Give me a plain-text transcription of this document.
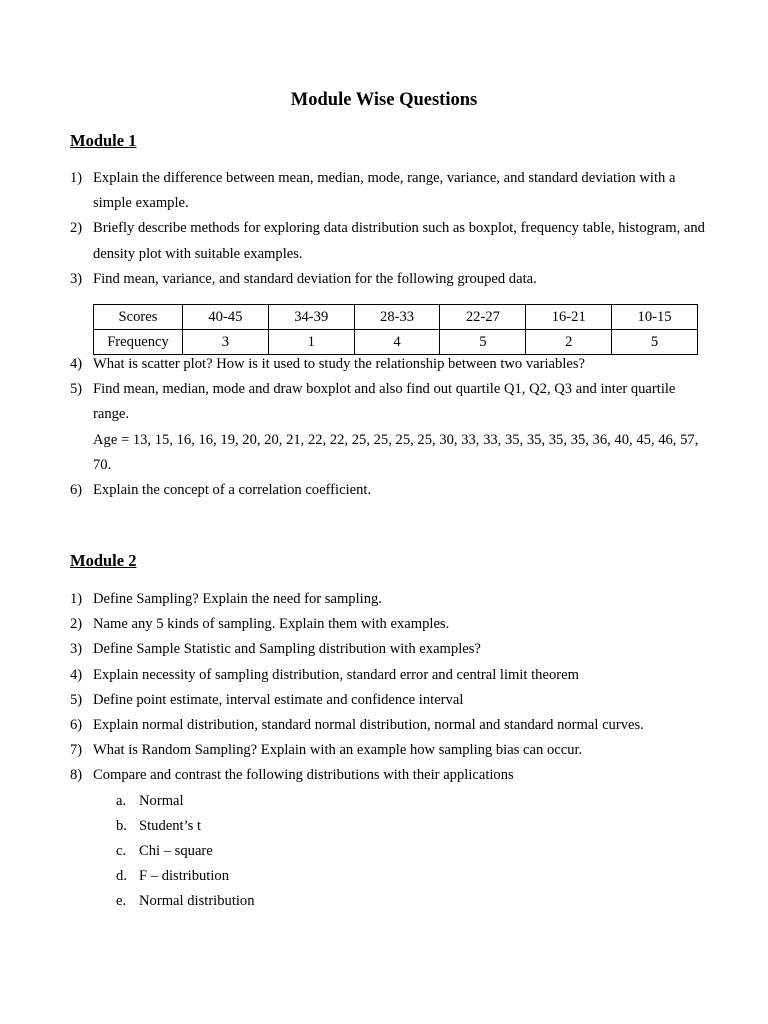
Module Wise Questions
Module 1
1) Explain the difference between mean, median, mode, range, variance, and standard deviation with a simple example.
2) Briefly describe methods for exploring data distribution such as boxplot, frequency table, histogram, and density plot with suitable examples.
3) Find mean, variance, and standard deviation for the following grouped data.
Scores	40-45	34-39	28-33	22-27	16-21	10-15
Frequency	3	1	4	5	2	5
4) What is scatter plot? How is it used to study the relationship between two variables?
5) Find mean, median, mode and draw boxplot and also find out quartile Q1, Q2, Q3 and inter quartile range.
Age = 13, 15, 16, 16, 19, 20, 20, 21, 22, 22, 25, 25, 25, 25, 30, 33, 33, 35, 35, 35, 35, 36, 40, 45, 46, 57, 70.
6) Explain the concept of a correlation coefficient.
Module 2
1) Define Sampling? Explain the need for sampling.
2) Name any 5 kinds of sampling. Explain them with examples.
3) Define Sample Statistic and Sampling distribution with examples?
4) Explain necessity of sampling distribution, standard error and central limit theorem
5) Define point estimate, interval estimate and confidence interval
6) Explain normal distribution, standard normal distribution, normal and standard normal curves.
7) What is Random Sampling? Explain with an example how sampling bias can occur.
8) Compare and contrast the following distributions with their applications
a. Normal
b. Student’s t
c. Chi – square
d. F – distribution
e. Normal distribution
